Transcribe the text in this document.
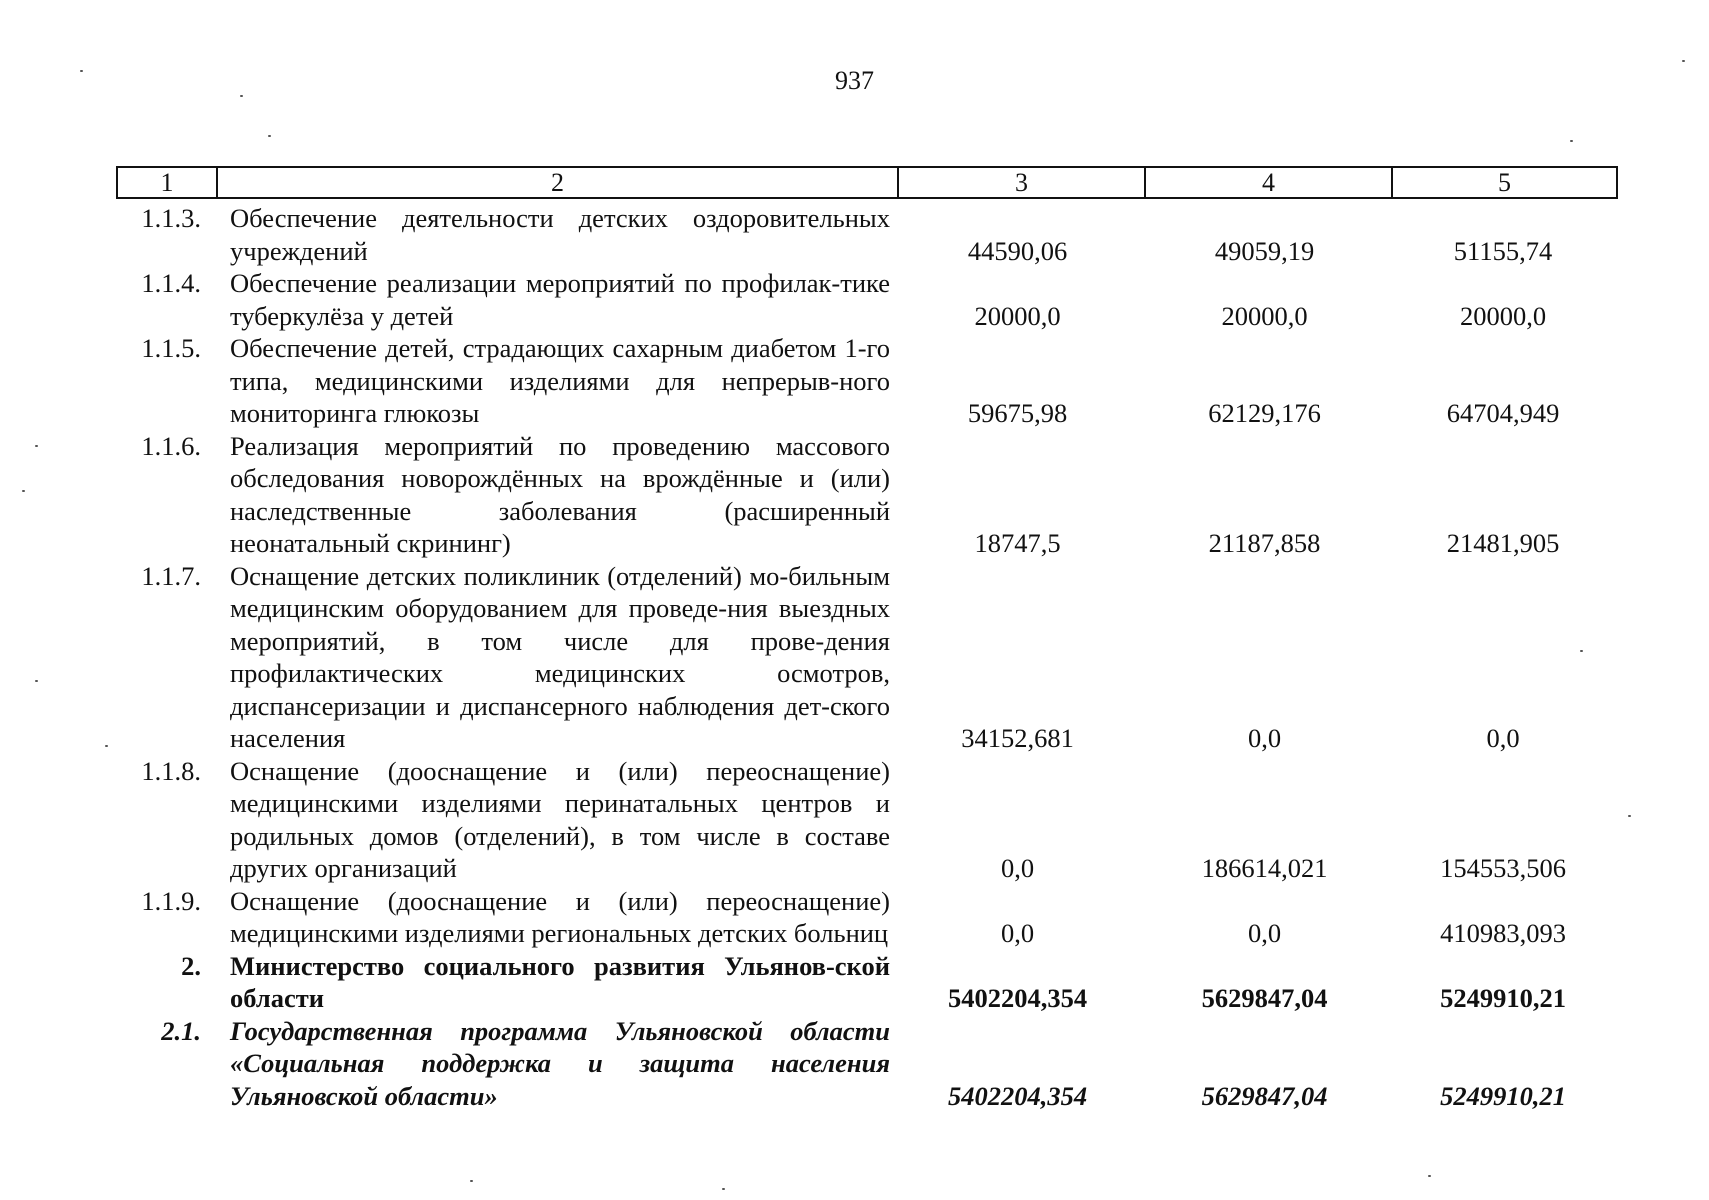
937
1	2	3	4	5
1.1.3.	Обеспечение деятельности детских оздоровительных учреждений	44590,06	49059,19	51155,74
1.1.4.	Обеспечение реализации мероприятий по профилак-тике туберкулёза у детей	20000,0	20000,0	20000,0
1.1.5.	Обеспечение детей, страдающих сахарным диабетом 1-го типа, медицинскими изделиями для непрерыв-ного мониторинга глюкозы	59675,98	62129,176	64704,949
1.1.6.	Реализация мероприятий по проведению массового обследования новорождённых на врождённые и (или) наследственные заболевания (расширенный неонатальный скрининг)	18747,5	21187,858	21481,905
1.1.7.	Оснащение детских поликлиник (отделений) мо-бильным медицинским оборудованием для проведе-ния выездных мероприятий, в том числе для прове-дения профилактических медицинских осмотров, диспансеризации и диспансерного наблюдения дет-ского населения	34152,681	0,0	0,0
1.1.8.	Оснащение (дооснащение и (или) переоснащение) медицинскими изделиями перинатальных центров и родильных домов (отделений), в том числе в составе других организаций	0,0	186614,021	154553,506
1.1.9.	Оснащение (дооснащение и (или) переоснащение) медицинскими изделиями региональных детских больниц	0,0	0,0	410983,093
2.	Министерство социального развития Ульянов-ской области	5402204,354	5629847,04	5249910,21
2.1.	Государственная программа Ульяновской области «Социальная поддержка и защита населения Ульяновской области»	5402204,354	5629847,04	5249910,21
